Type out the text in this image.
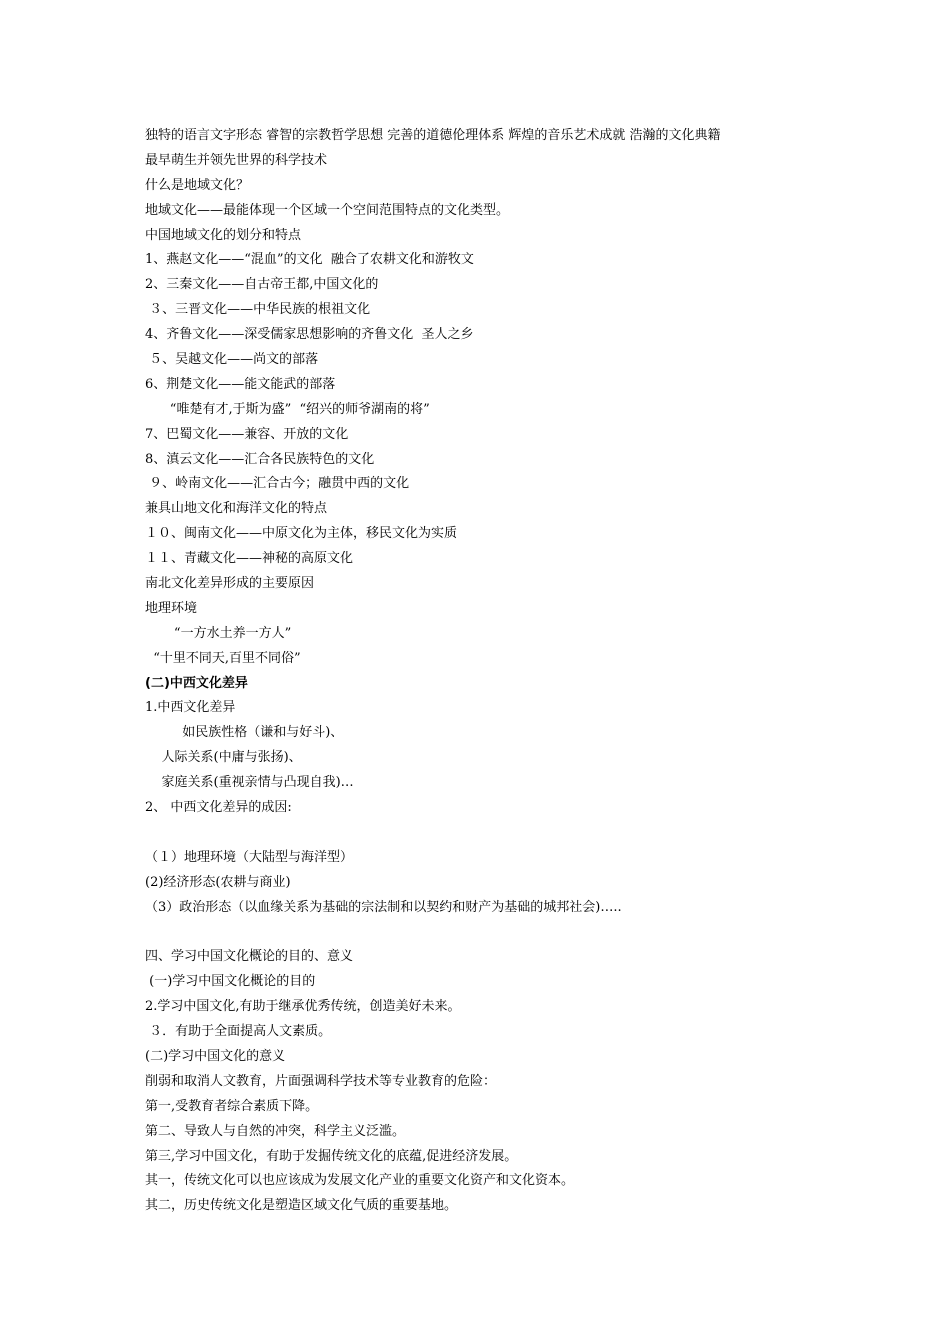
独特的语言文字形态 睿智的宗教哲学思想 完善的道德伦理体系 辉煌的音乐艺术成就 浩瀚的文化典籍
最早萌生并领先世界的科学技术
什么是地域文化？
地域文化——最能体现一个区域一个空间范围特点的文化类型。
中国地域文化的划分和特点
1、燕赵文化——“混血”的文化  融合了农耕文化和游牧文
2、三秦文化——自古帝王都,中国文化的
３、三晋文化——中华民族的根祖文化
4、齐鲁文化——深受儒家思想影响的齐鲁文化  圣人之乡
５、吴越文化——尚文的部落
6、荆楚文化——能文能武的部落
“唯楚有才,于斯为盛”  “绍兴的师爷湖南的将”
7、巴蜀文化——兼容、开放的文化
8、滇云文化——汇合各民族特色的文化
９、岭南文化——汇合古今；融贯中西的文化
兼具山地文化和海洋文化的特点
１０、闽南文化——中原文化为主体，移民文化为实质
１１、青藏文化——神秘的高原文化
南北文化差异形成的主要原因
地理环境
“一方水土养一方人”
“十里不同天,百里不同俗”
(二)中西文化差异
1.中西文化差异
如民族性格（谦和与好斗)、
人际关系(中庸与张扬)、
家庭关系(重视亲情与凸现自我)…
2、 中西文化差异的成因:
（１）地理环境（大陆型与海洋型）
(2)经济形态(农耕与商业)
（3）政治形态（以血缘关系为基础的宗法制和以契约和财产为基础的城邦社会)…..
四、学习中国文化概论的目的、意义
(一)学习中国文化概论的目的
2.学习中国文化,有助于继承优秀传统，创造美好未来。
３．有助于全面提高人文素质。
(二)学习中国文化的意义
削弱和取消人文教育，片面强调科学技术等专业教育的危险：
第一,受教育者综合素质下降。
第二、导致人与自然的冲突，科学主义泛滥。
第三,学习中国文化，有助于发掘传统文化的底蕴,促进经济发展。
其一，传统文化可以也应该成为发展文化产业的重要文化资产和文化资本。
其二，历史传统文化是塑造区域文化气质的重要基地。
